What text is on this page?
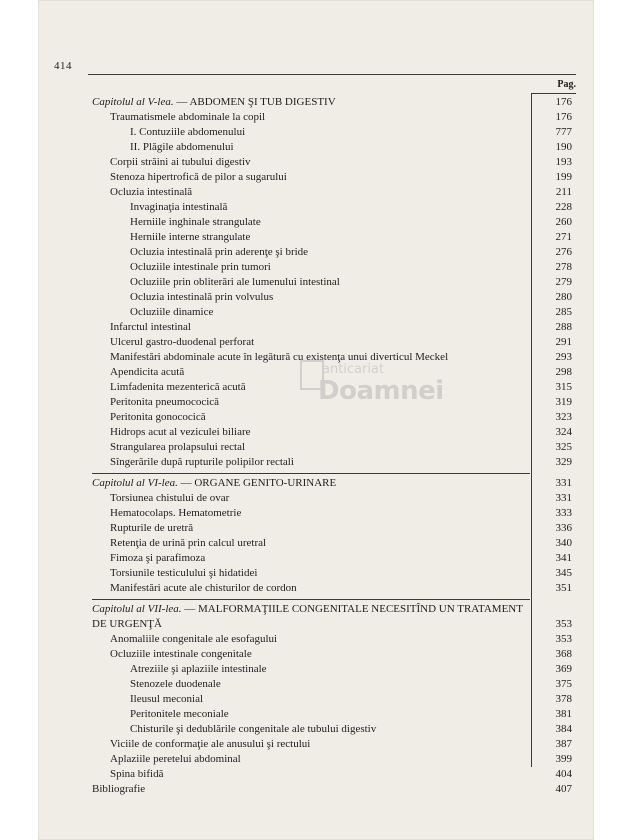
414
Pag.
Capitolul al V-lea. — ABDOMEN ŞI TUB DIGESTIV	176
Traumatismele abdominale la copil	176
I. Contuziile abdomenului	777
II. Plăgile abdomenului	190
Corpii străini ai tubului digestiv	193
Stenoza hipertrofică de pilor a sugarului	199
Ocluzia intestinală	211
Invaginaţia intestinală	228
Herniile inghinale strangulate	260
Herniile interne strangulate	271
Ocluzia intestinală prin aderenţe şi bride	276
Ocluziile intestinale prin tumori	278
Ocluziile prin obliterări ale lumenului intestinal	279
Ocluzia intestinală prin volvulus	280
Ocluziile dinamice	285
Infarctul intestinal	288
Ulcerul gastro-duodenal perforat	291
Manifestări abdominale acute în legătură cu existenţa unui diverticul Meckel	293
Apendicita acută	298
Limfadenita mezenterică acută	315
Peritonita pneumococică	319
Peritonita gonococică	323
Hidrops acut al veziculei biliare	324
Strangularea prolapsului rectal	325
Sîngerările după rupturile polipilor rectali	329
Capitolul al VI-lea. — ORGANE GENITO-URINARE	331
Torsiunea chistului de ovar	331
Hematocolaps. Hematometrie	333
Rupturile de uretră	336
Retenţia de urină prin calcul uretral	340
Fimoza şi parafimoza	341
Torsiunile testiculului şi hidatidei	345
Manifestări acute ale chisturilor de cordon	351
Capitolul al VII-lea. — MALFORMAŢIILE CONGENITALE NECESITÎND UN TRATAMENT DE URGENŢĂ	353
Anomaliile congenitale ale esofagului	353
Ocluziile intestinale congenitale	368
Atreziile şi aplaziile intestinale	369
Stenozele duodenale	375
Ileusul meconial	378
Peritonitele meconiale	381
Chisturile şi dedublările congenitale ale tubului digestiv	384
Viciile de conformaţie ale anusului şi rectului	387
Aplaziile peretelui abdominal	399
Spina bifidă	404
Bibliografie	407
anticariat
Doamnei
